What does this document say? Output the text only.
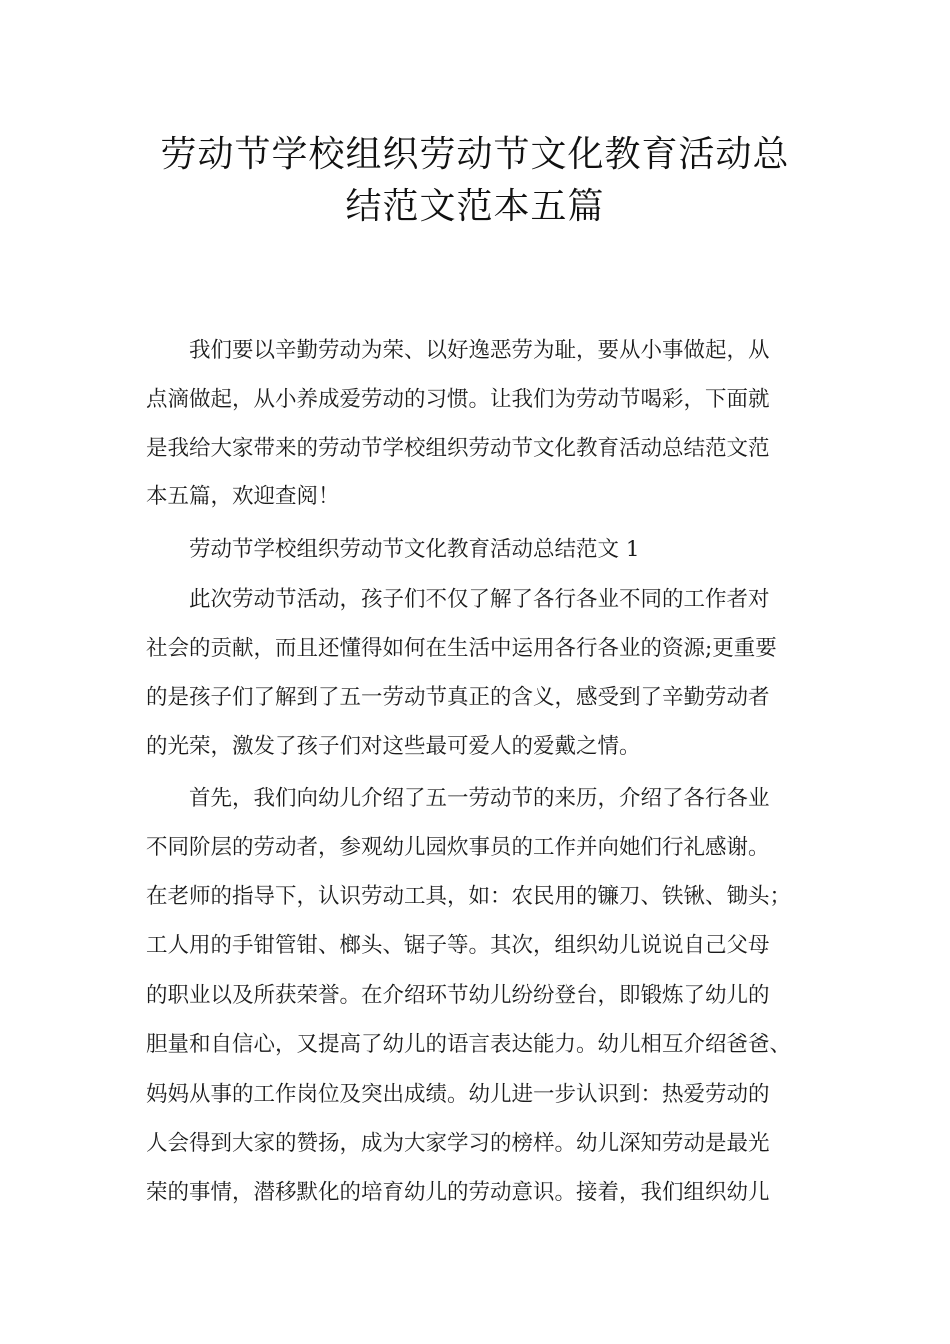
劳动节学校组织劳动节文化教育活动总
结范文范本五篇
我们要以辛勤劳动为荣、以好逸恶劳为耻，要从小事做起，从
点滴做起，从小养成爱劳动的习惯。让我们为劳动节喝彩，下面就
是我给大家带来的劳动节学校组织劳动节文化教育活动总结范文范
本五篇，欢迎查阅！
劳动节学校组织劳动节文化教育活动总结范文 1
此次劳动节活动，孩子们不仅了解了各行各业不同的工作者对
社会的贡献，而且还懂得如何在生活中运用各行各业的资源;更重要
的是孩子们了解到了五一劳动节真正的含义，感受到了辛勤劳动者
的光荣，激发了孩子们对这些最可爱人的爱戴之情。
首先，我们向幼儿介绍了五一劳动节的来历，介绍了各行各业
不同阶层的劳动者，参观幼儿园炊事员的工作并向她们行礼感谢。
在老师的指导下，认识劳动工具，如：农民用的镰刀、铁锹、锄头；
工人用的手钳管钳、榔头、锯子等。其次，组织幼儿说说自己父母
的职业以及所获荣誉。在介绍环节幼儿纷纷登台，即锻炼了幼儿的
胆量和自信心，又提高了幼儿的语言表达能力。幼儿相互介绍爸爸、
妈妈从事的工作岗位及突出成绩。幼儿进一步认识到：热爱劳动的
人会得到大家的赞扬，成为大家学习的榜样。幼儿深知劳动是最光
荣的事情，潜移默化的培育幼儿的劳动意识。接着，我们组织幼儿
